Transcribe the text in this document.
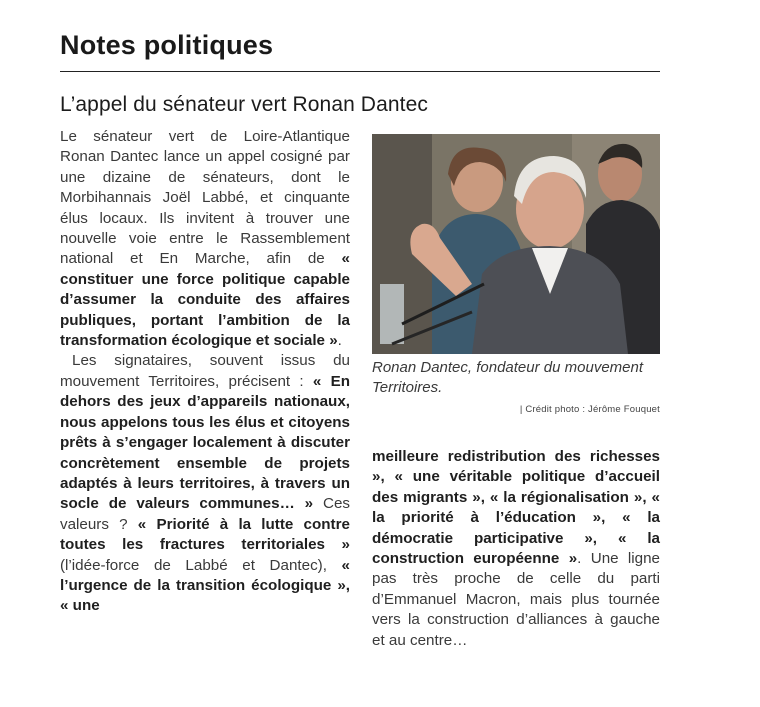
Notes politiques
L’appel du sénateur vert Ronan Dantec

Le sénateur vert de Loire-Atlantique Ronan Dantec lance un appel cosigné par une dizaine de sénateurs, dont le Morbihannais Joël Labbé, et cinquante élus locaux. Ils invitent à trouver une nouvelle voie entre le Rassemblement national et En Marche, afin de « constituer une force politique capable d’assumer la conduite des affaires publiques, portant l’ambition de la transformation écologique et sociale ».

Les signataires, souvent issus du mouvement Territoires, précisent : « En dehors des jeux d’appareils nationaux, nous appelons tous les élus et citoyens prêts à s’engager localement à discuter concrètement ensemble de projets adaptés à leurs territoires, à travers un socle de valeurs communes… » Ces valeurs ? « Priorité à la lutte contre toutes les fractures territoriales » (l’idée-force de Labbé et Dantec), « l’urgence de la transition écologique », « une

Ronan Dantec, fondateur du mouvement Territoires.
| Crédit photo : Jérôme Fouquet

meilleure redistribution des richesses », « une véritable politique d’accueil des migrants », « la régionalisation », « la priorité à l’éducation », « la démocratie participative », « la construction européenne ». Une ligne pas très proche de celle du parti d’Emmanuel Macron, mais plus tournée vers la construction d’alliances à gauche et au centre…
